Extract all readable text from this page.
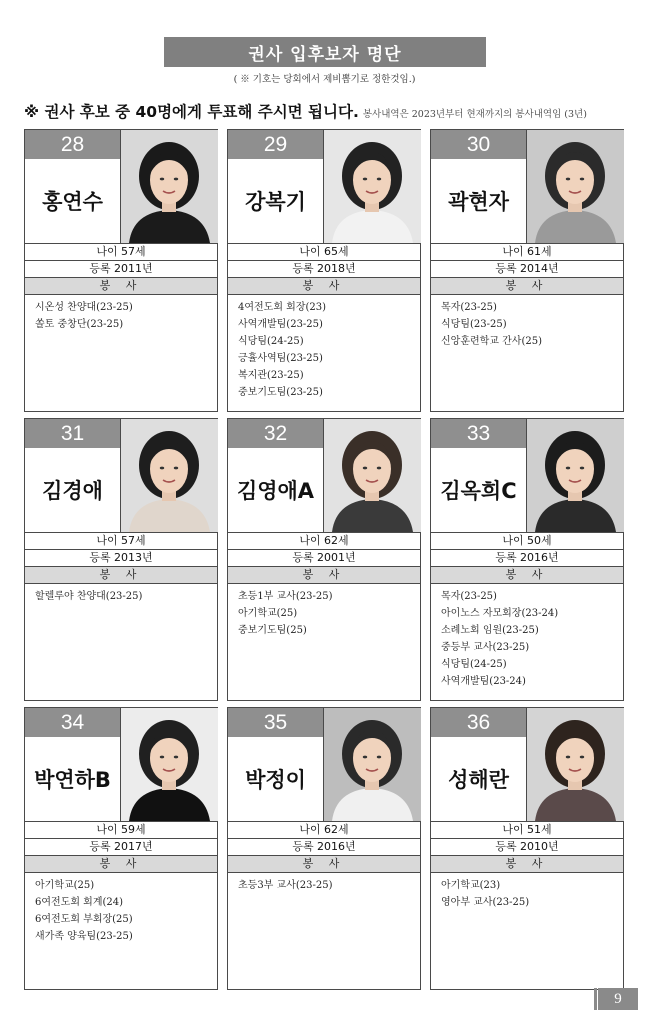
권사 입후보자 명단
( ※ 기호는 당회에서 제비뽑기로 정한것임.)
※ 권사 후보 중 40명에게 투표해 주시면 됩니다. 봉사내역은 2023년부터 현재까지의 봉사내역임 (3년)
28
홍연수
나이 57세
등록 2011년
봉 사
시온성 찬양대(23-25)
쏠토 중창단(23-25)
29
강복기
나이 65세
등록 2018년
봉 사
4여전도회 회장(23)
사역개발팀(23-25)
식당팀(24-25)
긍휼사역팀(23-25)
복지관(23-25)
중보기도팀(23-25)
30
곽현자
나이 61세
등록 2014년
봉 사
목자(23-25)
식당팀(23-25)
신앙훈련학교 간사(25)
31
김경애
나이 57세
등록 2013년
봉 사
할렐루야 찬양대(23-25)
32
김영애A
나이 62세
등록 2001년
봉 사
초등1부 교사(23-25)
아기학교(25)
중보기도팀(25)
33
김옥희C
나이 50세
등록 2016년
봉 사
목자(23-25)
아이노스 자모회장(23-24)
소례노회 임원(23-25)
중등부 교사(23-25)
식당팀(24-25)
사역개발팀(23-24)
34
박연하B
나이 59세
등록 2017년
봉 사
아기학교(25)
6여전도회 회계(24)
6여전도회 부회장(25)
새가족 양육팀(23-25)
35
박정이
나이 62세
등록 2016년
봉 사
초등3부 교사(23-25)
36
성해란
나이 51세
등록 2010년
봉 사
아기학교(23)
영아부 교사(23-25)
9
